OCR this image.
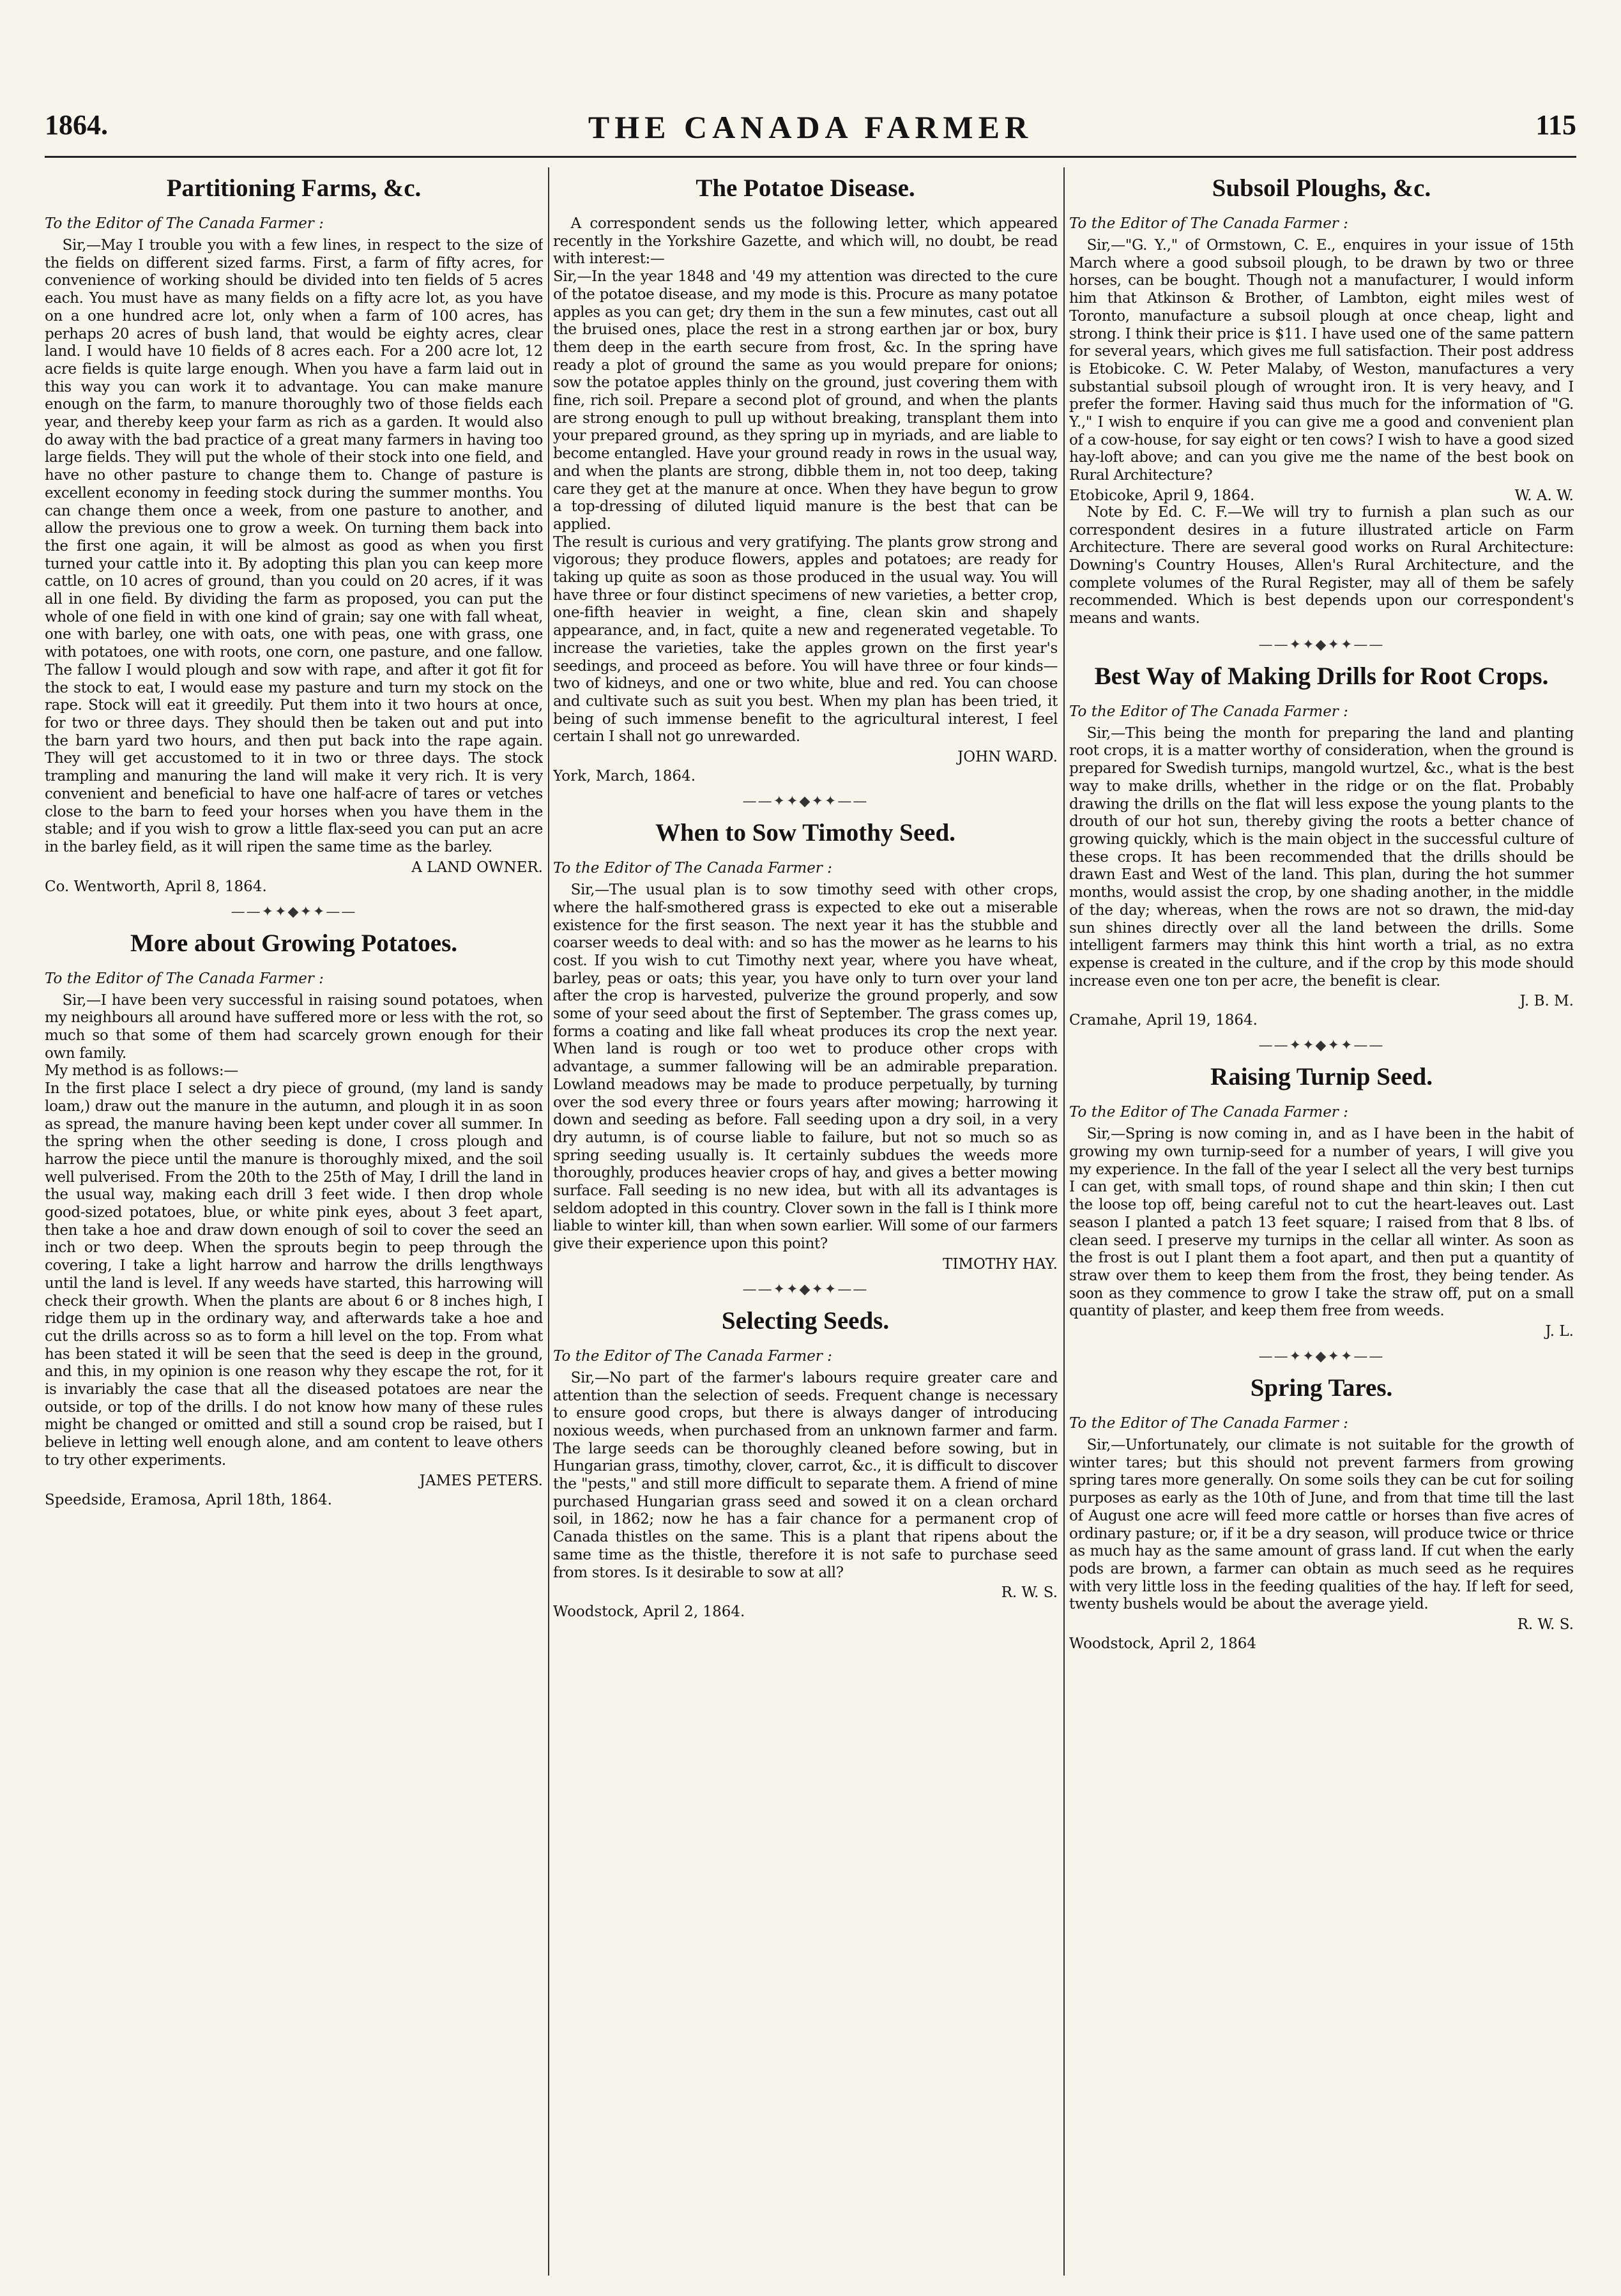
1864.	THE CANADA FARMER	115
Partitioning Farms, &c.

To the Editor of The Canada Farmer :

Sir,—May I trouble you with a few lines, in respect to the size of the fields on different sized farms. First, a farm of fifty acres, for convenience of working should be divided into ten fields of 5 acres each. You must have as many fields on a fifty acre lot, as you have on a one hundred acre lot, only when a farm of 100 acres, has perhaps 20 acres of bush land, that would be eighty acres, clear land. I would have 10 fields of 8 acres each. For a 200 acre lot, 12 acre fields is quite large enough. When you have a farm laid out in this way you can work it to advantage. You can make manure enough on the farm, to manure thoroughly two of those fields each year, and thereby keep your farm as rich as a garden. It would also do away with the bad practice of a great many farmers in having too large fields. They will put the whole of their stock into one field, and have no other pasture to change them to. Change of pasture is excellent economy in feeding stock during the summer months. You can change them once a week, from one pasture to another, and allow the previous one to grow a week. On turning them back into the first one again, it will be almost as good as when you first turned your cattle into it. By adopting this plan you can keep more cattle, on 10 acres of ground, than you could on 20 acres, if it was all in one field. By dividing the farm as proposed, you can put the whole of one field in with one kind of grain; say one with fall wheat, one with barley, one with oats, one with peas, one with grass, one with potatoes, one with roots, one corn, one pasture, and one fallow. The fallow I would plough and sow with rape, and after it got fit for the stock to eat, I would ease my pasture and turn my stock on the rape. Stock will eat it greedily. Put them into it two hours at once, for two or three days. They should then be taken out and put into the barn yard two hours, and then put back into the rape again. They will get accustomed to it in two or three days. The stock trampling and manuring the land will make it very rich. It is very convenient and beneficial to have one half-acre of tares or vetches close to the barn to feed your horses when you have them in the stable; and if you wish to grow a little flax-seed you can put an acre in the barley field, as it will ripen the same time as the barley.

A LAND OWNER.
Co. Wentworth, April 8, 1864.
——✦✦◆✦✦——
More about Growing Potatoes.

To the Editor of The Canada Farmer :

Sir,—I have been very successful in raising sound potatoes, when my neighbours all around have suffered more or less with the rot, so much so that some of them had scarcely grown enough for their own family.
My method is as follows:—
In the first place I select a dry piece of ground, (my land is sandy loam,) draw out the manure in the autumn, and plough it in as soon as spread, the manure having been kept under cover all summer. In the spring when the other seeding is done, I cross plough and harrow the piece until the manure is thoroughly mixed, and the soil well pulverised. From the 20th to the 25th of May, I drill the land in the usual way, making each drill 3 feet wide. I then drop whole good-sized potatoes, blue, or white pink eyes, about 3 feet apart, then take a hoe and draw down enough of soil to cover the seed an inch or two deep. When the sprouts begin to peep through the covering, I take a light harrow and harrow the drills lengthways until the land is level. If any weeds have started, this harrowing will check their growth. When the plants are about 6 or 8 inches high, I ridge them up in the ordinary way, and afterwards take a hoe and cut the drills across so as to form a hill level on the top. From what has been stated it will be seen that the seed is deep in the ground, and this, in my opinion is one reason why they escape the rot, for it is invariably the case that all the diseased potatoes are near the outside, or top of the drills. I do not know how many of these rules might be changed or omitted and still a sound crop be raised, but I believe in letting well enough alone, and am content to leave others to try other experiments.

JAMES PETERS.
Speedside, Eramosa, April 18th, 1864.
The Potatoe Disease.

A correspondent sends us the following letter, which appeared recently in the Yorkshire Gazette, and which will, no doubt, be read with interest:—
Sir,—In the year 1848 and '49 my attention was directed to the cure of the potatoe disease, and my mode is this. Procure as many potatoe apples as you can get; dry them in the sun a few minutes, cast out all the bruised ones, place the rest in a strong earthen jar or box, bury them deep in the earth secure from frost, &c. In the spring have ready a plot of ground the same as you would prepare for onions; sow the potatoe apples thinly on the ground, just covering them with fine, rich soil. Prepare a second plot of ground, and when the plants are strong enough to pull up without breaking, transplant them into your prepared ground, as they spring up in myriads, and are liable to become entangled. Have your ground ready in rows in the usual way, and when the plants are strong, dibble them in, not too deep, taking care they get at the manure at once. When they have begun to grow a top-dressing of diluted liquid manure is the best that can be applied.
The result is curious and very gratifying. The plants grow strong and vigorous; they produce flowers, apples and potatoes; are ready for taking up quite as soon as those produced in the usual way. You will have three or four distinct specimens of new varieties, a better crop, one-fifth heavier in weight, a fine, clean skin and shapely appearance, and, in fact, quite a new and regenerated vegetable. To increase the varieties, take the apples grown on the first year's seedings, and proceed as before. You will have three or four kinds—two of kidneys, and one or two white, blue and red. You can choose and cultivate such as suit you best. When my plan has been tried, it being of such immense benefit to the agricultural interest, I feel certain I shall not go unrewarded.

JOHN WARD.
York, March, 1864.
——✦✦◆✦✦——
When to Sow Timothy Seed.

To the Editor of The Canada Farmer :

Sir,—The usual plan is to sow timothy seed with other crops, where the half-smothered grass is expected to eke out a miserable existence for the first season. The next year it has the stubble and coarser weeds to deal with: and so has the mower as he learns to his cost. If you wish to cut Timothy next year, where you have wheat, barley, peas or oats; this year, you have only to turn over your land after the crop is harvested, pulverize the ground properly, and sow some of your seed about the first of September. The grass comes up, forms a coating and like fall wheat produces its crop the next year. When land is rough or too wet to produce other crops with advantage, a summer fallowing will be an admirable preparation. Lowland meadows may be made to produce perpetually, by turning over the sod every three or fours years after mowing; harrowing it down and seeding as before. Fall seeding upon a dry soil, in a very dry autumn, is of course liable to failure, but not so much so as spring seeding usually is. It certainly subdues the weeds more thoroughly, produces heavier crops of hay, and gives a better mowing surface. Fall seeding is no new idea, but with all its advantages is seldom adopted in this country. Clover sown in the fall is I think more liable to winter kill, than when sown earlier. Will some of our farmers give their experience upon this point?

TIMOTHY HAY.
——✦✦◆✦✦——
Selecting Seeds.

To the Editor of The Canada Farmer :

Sir,—No part of the farmer's labours require greater care and attention than the selection of seeds. Frequent change is necessary to ensure good crops, but there is always danger of introducing noxious weeds, when purchased from an unknown farmer and farm. The large seeds can be thoroughly cleaned before sowing, but in Hungarian grass, timothy, clover, carrot, &c., it is difficult to discover the "pests," and still more difficult to separate them. A friend of mine purchased Hungarian grass seed and sowed it on a clean orchard soil, in 1862; now he has a fair chance for a permanent crop of Canada thistles on the same. This is a plant that ripens about the same time as the thistle, therefore it is not safe to purchase seed from stores. Is it desirable to sow at all?

R. W. S.
Woodstock, April 2, 1864.
Subsoil Ploughs, &c.

To the Editor of The Canada Farmer :

Sir,—"G. Y.," of Ormstown, C. E., enquires in your issue of 15th March where a good subsoil plough, to be drawn by two or three horses, can be bought. Though not a manufacturer, I would inform him that Atkinson & Brother, of Lambton, eight miles west of Toronto, manufacture a subsoil plough at once cheap, light and strong. I think their price is $11. I have used one of the same pattern for several years, which gives me full satisfaction. Their post address is Etobicoke. C. W. Peter Malaby, of Weston, manufactures a very substantial subsoil plough of wrought iron. It is very heavy, and I prefer the former. Having said thus much for the information of "G. Y.," I wish to enquire if you can give me a good and convenient plan of a cow-house, for say eight or ten cows? I wish to have a good sized hay-loft above; and can you give me the name of the best book on Rural Architecture?

Etobicoke, April 9, 1864.	W. A. W.

Note by Ed. C. F.—We will try to furnish a plan such as our correspondent desires in a future illustrated article on Farm Architecture. There are several good works on Rural Architecture: Downing's Country Houses, Allen's Rural Architecture, and the complete volumes of the Rural Register, may all of them be safely recommended. Which is best depends upon our correspondent's means and wants.

——✦✦◆✦✦——
Best Way of Making Drills for Root Crops.

To the Editor of The Canada Farmer :

Sir,—This being the month for preparing the land and planting root crops, it is a matter worthy of consideration, when the ground is prepared for Swedish turnips, mangold wurtzel, &c., what is the best way to make drills, whether in the ridge or on the flat. Probably drawing the drills on the flat will less expose the young plants to the drouth of our hot sun, thereby giving the roots a better chance of growing quickly, which is the main object in the successful culture of these crops. It has been recommended that the drills should be drawn East and West of the land. This plan, during the hot summer months, would assist the crop, by one shading another, in the middle of the day; whereas, when the rows are not so drawn, the mid-day sun shines directly over all the land between the drills. Some intelligent farmers may think this hint worth a trial, as no extra expense is created in the culture, and if the crop by this mode should increase even one ton per acre, the benefit is clear.

J. B. M.
Cramahe, April 19, 1864.
——✦✦◆✦✦——
Raising Turnip Seed.

To the Editor of The Canada Farmer :

Sir,—Spring is now coming in, and as I have been in the habit of growing my own turnip-seed for a number of years, I will give you my experience. In the fall of the year I select all the very best turnips I can get, with small tops, of round shape and thin skin; I then cut the loose top off, being careful not to cut the heart-leaves out. Last season I planted a patch 13 feet square; I raised from that 8 lbs. of clean seed. I preserve my turnips in the cellar all winter. As soon as the frost is out I plant them a foot apart, and then put a quantity of straw over them to keep them from the frost, they being tender. As soon as they commence to grow I take the straw off, put on a small quantity of plaster, and keep them free from weeds.

J. L.
——✦✦◆✦✦——
Spring Tares.

To the Editor of The Canada Farmer :

Sir,—Unfortunately, our climate is not suitable for the growth of winter tares; but this should not prevent farmers from growing spring tares more generally. On some soils they can be cut for soiling purposes as early as the 10th of June, and from that time till the last of August one acre will feed more cattle or horses than five acres of ordinary pasture; or, if it be a dry season, will produce twice or thrice as much hay as the same amount of grass land. If cut when the early pods are brown, a farmer can obtain as much seed as he requires with very little loss in the feeding qualities of the hay. If left for seed, twenty bushels would be about the average yield.

R. W. S.
Woodstock, April 2, 1864
